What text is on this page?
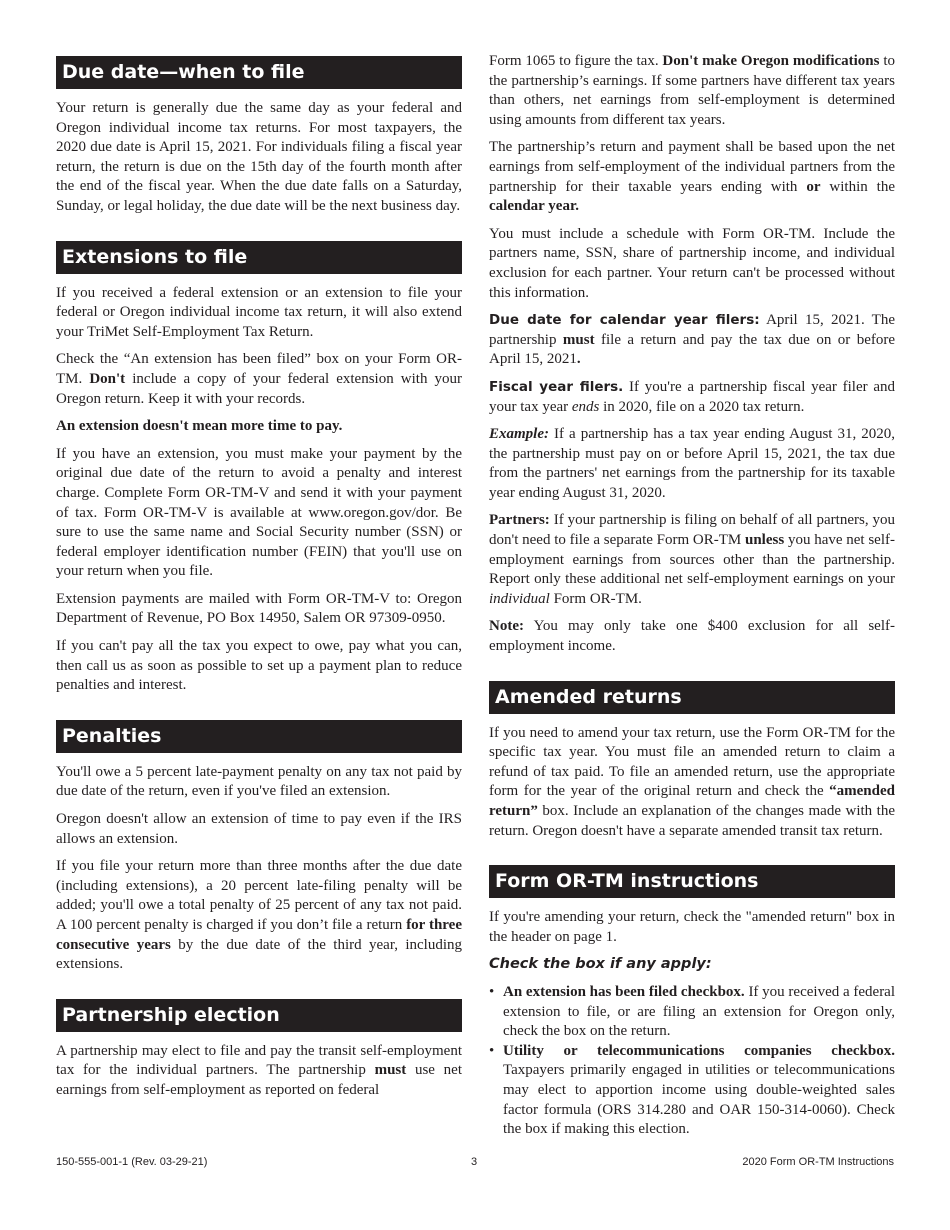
Due date—when to file

Your return is generally due the same day as your federal and Oregon individual income tax returns. For most taxpayers, the 2020 due date is April 15, 2021. For individuals filing a fiscal year return, the return is due on the 15th day of the fourth month after the end of the fiscal year. When the due date falls on a Saturday, Sunday, or legal holiday, the due date will be the next business day.

Extensions to file

If you received a federal extension or an extension to file your federal or Oregon individual income tax return, it will also extend your TriMet Self-Employment Tax Return.

Check the “An extension has been filed” box on your Form OR-TM. Don't include a copy of your federal extension with your Oregon return. Keep it with your records.

An extension doesn't mean more time to pay.

If you have an extension, you must make your payment by the original due date of the return to avoid a penalty and interest charge. Complete Form OR-TM-V and send it with your payment of tax. Form OR-TM-V is available at www.oregon.gov/dor. Be sure to use the same name and Social Security number (SSN) or federal employer identification number (FEIN) that you'll use on your return when you file.

Extension payments are mailed with Form OR-TM-V to: Oregon Department of Revenue, PO Box 14950, Salem OR 97309-0950.

If you can't pay all the tax you expect to owe, pay what you can, then call us as soon as possible to set up a payment plan to reduce penalties and interest.

Penalties

You'll owe a 5 percent late-payment penalty on any tax not paid by due date of the return, even if you've filed an extension.

Oregon doesn't allow an extension of time to pay even if the IRS allows an extension.

If you file your return more than three months after the due date (including extensions), a 20 percent late-filing penalty will be added; you'll owe a total penalty of 25 percent of any tax not paid. A 100 percent penalty is charged if you don’t file a return for three consecutive years by the due date of the third year, including extensions.

Partnership election

A partnership may elect to file and pay the transit self-employment tax for the individual partners. The partnership must use net earnings from self-employment as reported on federal

Form 1065 to figure the tax. Don't make Oregon modifications to the partnership’s earnings. If some partners have different tax years than others, net earnings from self-employment is determined using amounts from different tax years.

The partnership’s return and payment shall be based upon the net earnings from self-employment of the individual partners from the partnership for their taxable years ending with or within the calendar year.

You must include a schedule with Form OR-TM. Include the partners name, SSN, share of partnership income, and individual exclusion for each partner. Your return can't be processed without this information.

Due date for calendar year filers: April 15, 2021. The partnership must file a return and pay the tax due on or before April 15, 2021.

Fiscal year filers. If you're a partnership fiscal year filer and your tax year ends in 2020, file on a 2020 tax return.

Example: If a partnership has a tax year ending August 31, 2020, the partnership must pay on or before April 15, 2021, the tax due from the partners' net earnings from the partnership for its taxable year ending August 31, 2020.

Partners: If your partnership is filing on behalf of all partners, you don't need to file a separate Form OR-TM unless you have net self-employment earnings from sources other than the partnership. Report only these additional net self-employment earnings on your individual Form OR-TM.

Note: You may only take one $400 exclusion for all self-employment income.

Amended returns

If you need to amend your tax return, use the Form OR-TM for the specific tax year. You must file an amended return to claim a refund of tax paid. To file an amended return, use the appropriate form for the year of the original return and check the “amended return” box. Include an explanation of the changes made with the return. Oregon doesn't have a separate amended transit tax return.

Form OR-TM instructions

If you're amending your return, check the "amended return" box in the header on page 1.

Check the box if any apply:

• An extension has been filed checkbox. If you received a federal extension to file, or are filing an extension for Oregon only, check the box on the return.
• Utility or telecommunications companies checkbox. Taxpayers primarily engaged in utilities or telecommunications may elect to apportion income using double-weighted sales factor formula (ORS 314.280 and OAR 150-314-0060). Check the box if making this election.
150-555-001-1 (Rev. 03-29-21)	3	2020 Form OR-TM Instructions
